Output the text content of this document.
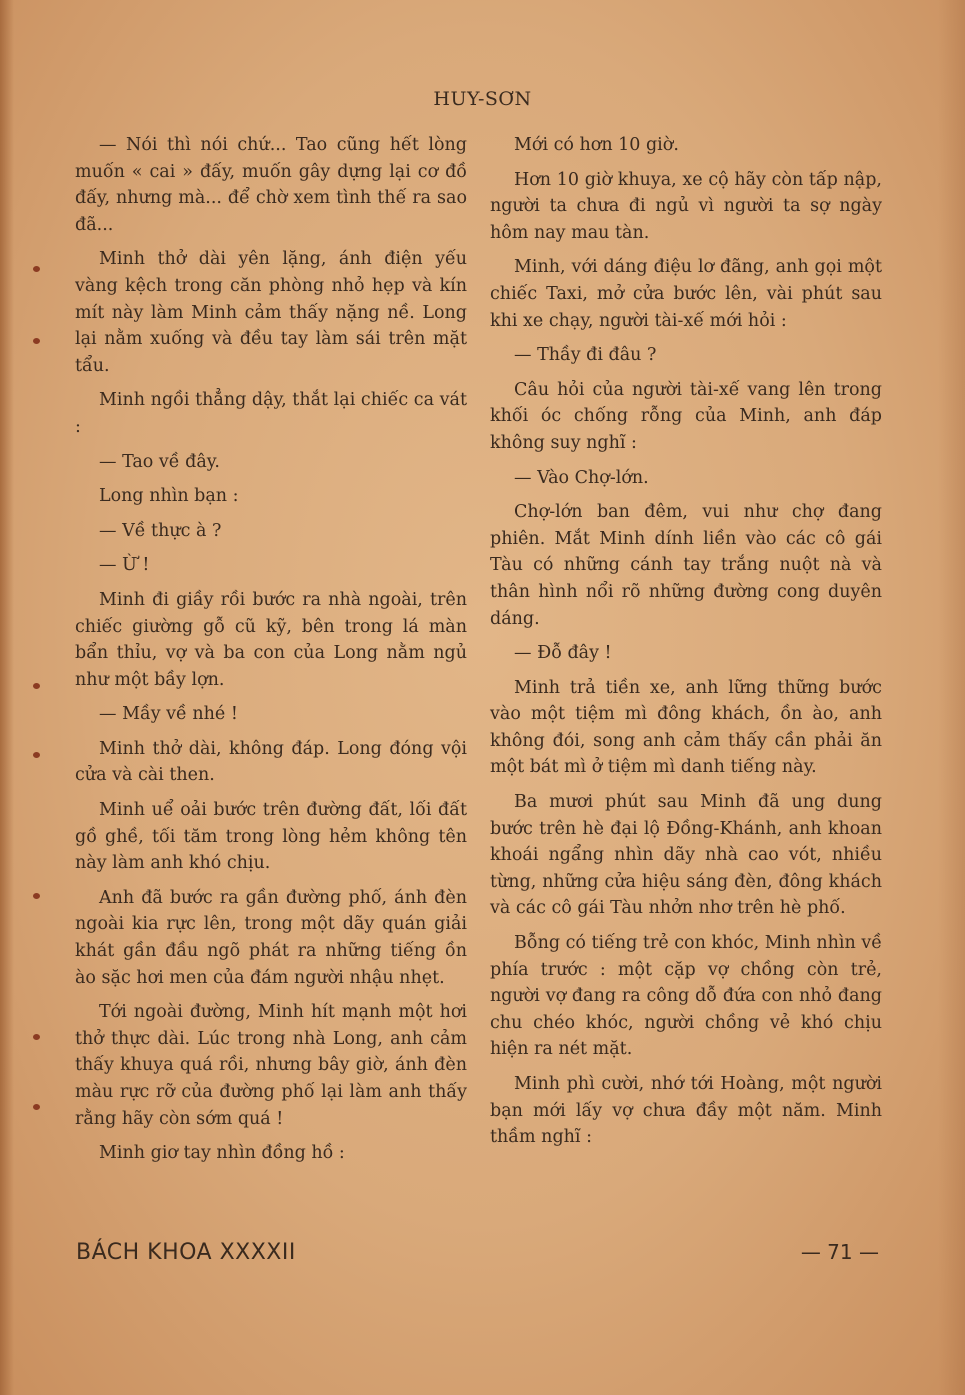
HUY-SƠN

— Nói thì nói chứ... Tao cũng hết lòng muốn « cai » đấy, muốn gây dựng lại cơ đồ đấy, nhưng mà... để chờ xem tình thế ra sao đã...

Minh thở dài yên lặng, ánh điện yếu vàng kệch trong căn phòng nhỏ hẹp và kín mít này làm Minh cảm thấy nặng nề. Long lại nằm xuống và đều tay làm sái trên mặt tẩu.

Minh ngồi thẳng dậy, thắt lại chiếc ca vát :

— Tao về đây.

Long nhìn bạn :

— Về thực à ?

— Ừ !

Minh đi giầy rồi bước ra nhà ngoài, trên chiếc giường gỗ cũ kỹ, bên trong lá màn bẩn thỉu, vợ và ba con của Long nằm ngủ như một bầy lợn.

— Mầy về nhé !

Minh thở dài, không đáp. Long đóng vội cửa và cài then.

Minh uể oải bước trên đường đất, lối đất gồ ghề, tối tăm trong lòng hẻm không tên này làm anh khó chịu.

Anh đã bước ra gần đường phố, ánh đèn ngoài kia rực lên, trong một dãy quán giải khát gần đầu ngõ phát ra những tiếng ồn ào sặc hơi men của đám người nhậu nhẹt.

Tới ngoài đường, Minh hít mạnh một hơi thở thực dài. Lúc trong nhà Long, anh cảm thấy khuya quá rồi, nhưng bây giờ, ánh đèn màu rực rỡ của đường phố lại làm anh thấy rằng hãy còn sớm quá !

Minh giơ tay nhìn đồng hồ :

Mới có hơn 10 giờ.

Hơn 10 giờ khuya, xe cộ hãy còn tấp nập, người ta chưa đi ngủ vì người ta sợ ngày hôm nay mau tàn.

Minh, với dáng điệu lơ đãng, anh gọi một chiếc Taxi, mở cửa bước lên, vài phút sau khi xe chạy, người tài-xế mới hỏi :

— Thầy đi đâu ?

Câu hỏi của người tài-xế vang lên trong khối óc chống rỗng của Minh, anh đáp không suy nghĩ :

— Vào Chợ-lớn.

Chợ-lớn ban đêm, vui như chợ đang phiên. Mắt Minh dính liền vào các cô gái Tàu có những cánh tay trắng nuột nà và thân hình nổi rõ những đường cong duyên dáng.

— Đỗ đây !

Minh trả tiền xe, anh lững thững bước vào một tiệm mì đông khách, ồn ào, anh không đói, song anh cảm thấy cần phải ăn một bát mì ở tiệm mì danh tiếng này.

Ba mươi phút sau Minh đã ung dung bước trên hè đại lộ Đồng-Khánh, anh khoan khoái ngẩng nhìn dãy nhà cao vót, nhiều từng, những cửa hiệu sáng đèn, đông khách và các cô gái Tàu nhởn nhơ trên hè phố.

Bỗng có tiếng trẻ con khóc, Minh nhìn về phía trước : một cặp vợ chồng còn trẻ, người vợ đang ra công dỗ đứa con nhỏ đang chu chéo khóc, người chồng vẻ khó chịu hiện ra nét mặt.

Minh phì cười, nhớ tới Hoàng, một người bạn mới lấy vợ chưa đầy một năm. Minh thầm nghĩ :

BÁCH KHOA XXXXII	— 71 —
